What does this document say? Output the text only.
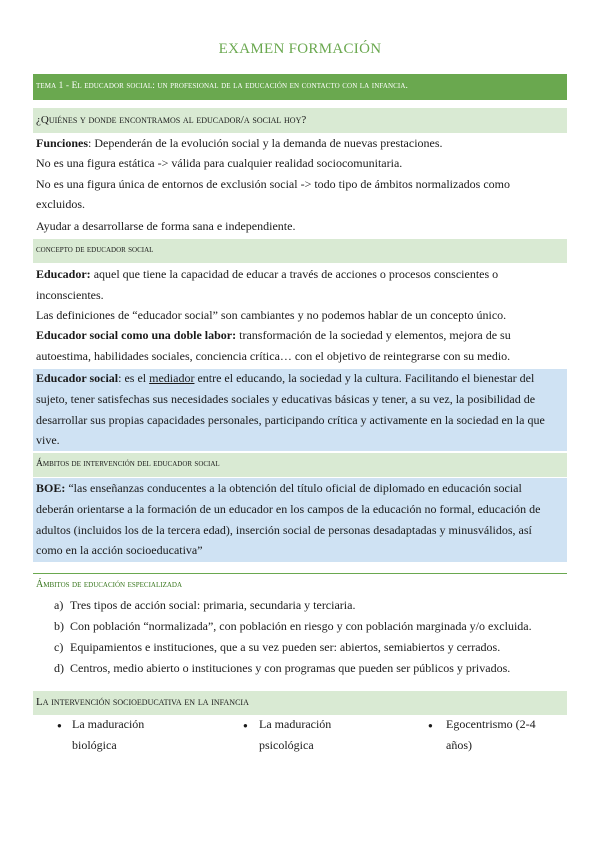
EXAMEN FORMACIÓN
tema 1 - El educador social: un profesional de la educación en contacto con la infancia.
¿Quiénes y donde encontramos al educador/a social hoy?
Funciones: Dependerán de la evolución social y la demanda de nuevas prestaciones.
No es una figura estática -> válida para cualquier realidad sociocomunitaria.
No es una figura única de entornos de exclusión social -> todo tipo de ámbitos normalizados como
excluidos.
Ayudar a desarrollarse de forma sana e independiente.
concepto de educador social
Educador: aquel que tiene la capacidad de educar a través de acciones o procesos conscientes o
inconscientes.
Las definiciones de “educador social” son cambiantes y no podemos hablar de un concepto único.
Educador social como una doble labor: transformación de la sociedad y elementos, mejora de su
autoestima, habilidades sociales, conciencia crítica… con el objetivo de reintegrarse con su medio.
Educador social: es el mediador entre el educando, la sociedad y la cultura. Facilitando el bienestar del
sujeto, tener satisfechas sus necesidades sociales y educativas básicas y tener, a su vez, la posibilidad de
desarrollar sus propias capacidades personales, participando crítica y activamente en la sociedad en la que
vive.
Ámbitos de intervención del educador social
BOE: “las enseñanzas conducentes a la obtención del título oficial de diplomado en educación social
deberán orientarse a la formación de un educador en los campos de la educación no formal, educación de
adultos (incluidos los de la tercera edad), inserción social de personas desadaptadas y minusválidos, así
como en la acción socioeducativa”
Ámbitos de educación especializada
a) Tres tipos de acción social: primaria, secundaria y terciaria.
b) Con población “normalizada”, con población en riesgo y con población marginada y/o excluida.
c) Equipamientos e instituciones, que a su vez pueden ser: abiertos, semiabiertos y cerrados.
d) Centros, medio abierto o instituciones y con programas que pueden ser públicos y privados.
La intervención socioeducativa en la infancia
● La maduración
biológica
● La maduración
psicológica
● Egocentrismo (2-4
años)
